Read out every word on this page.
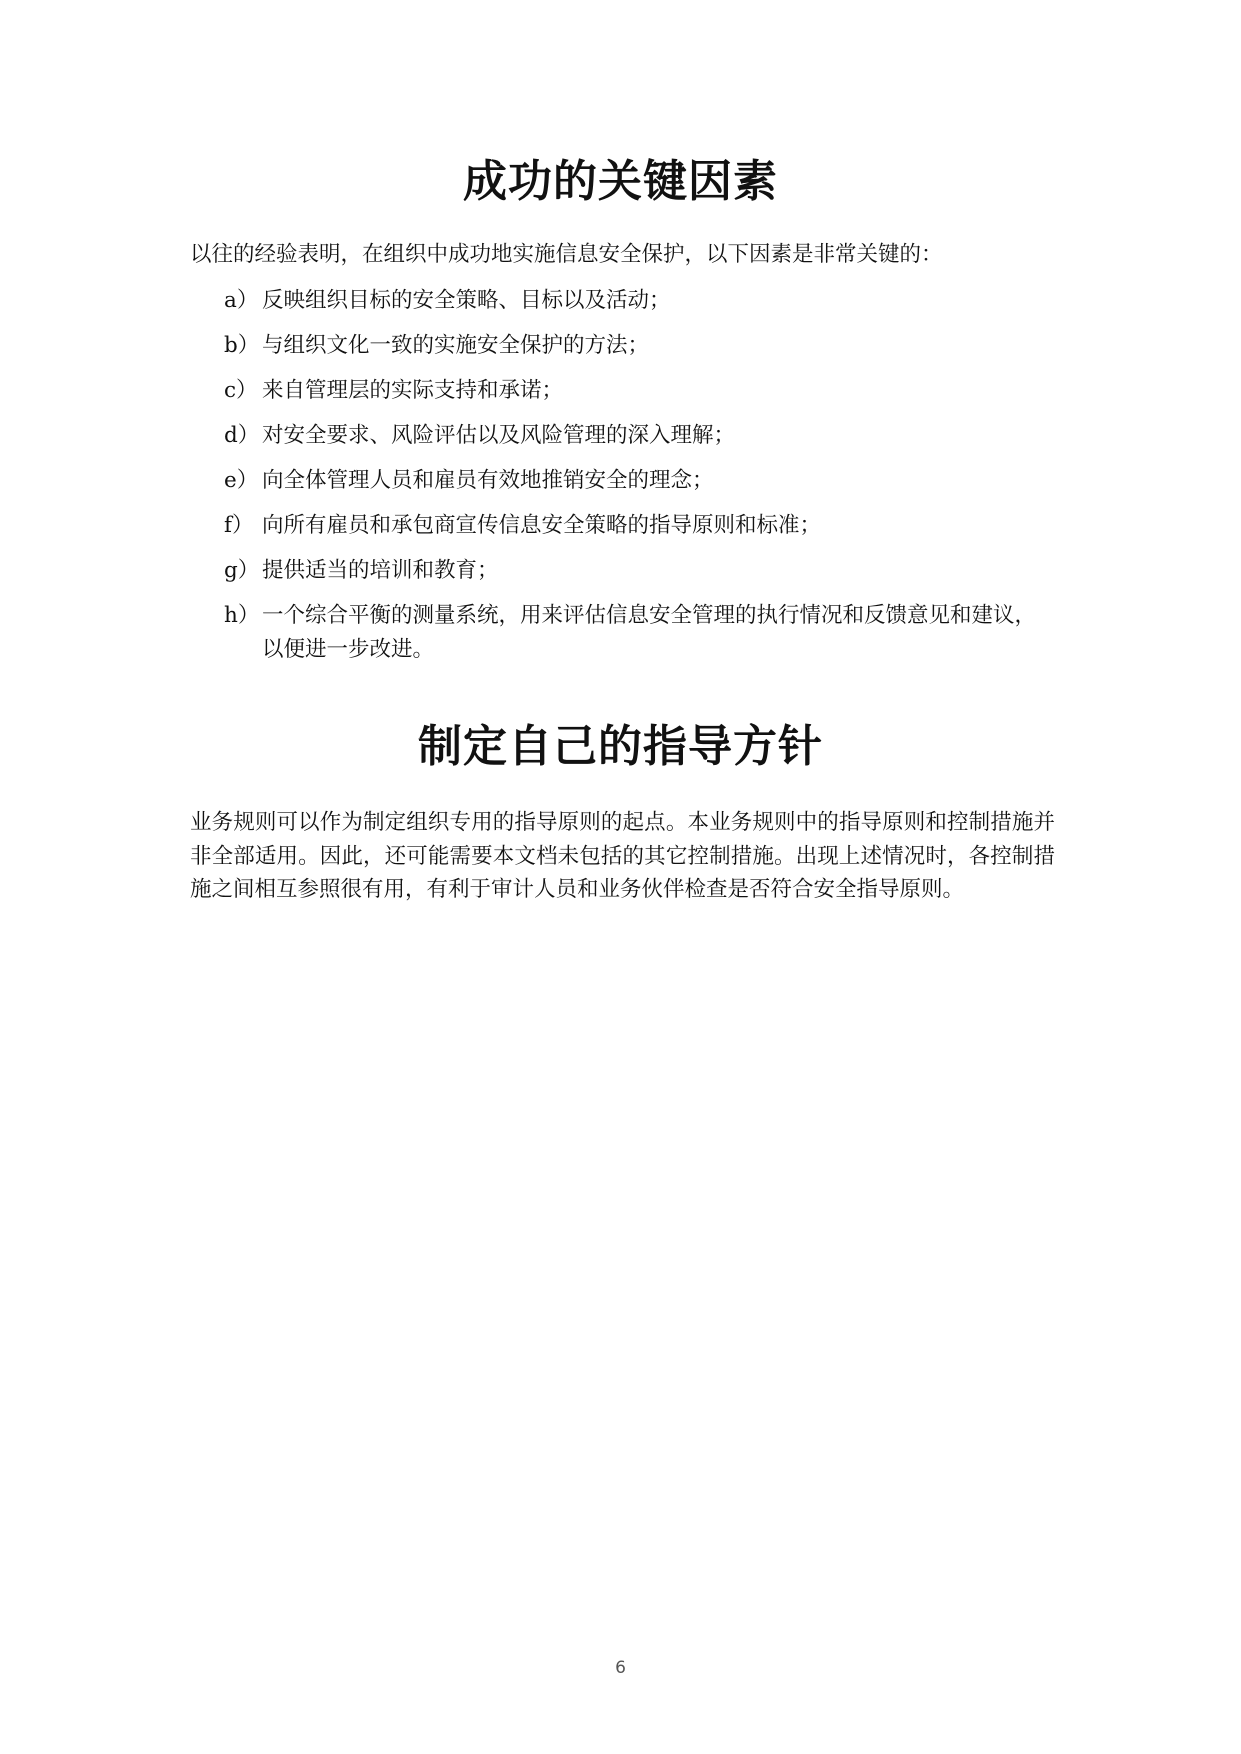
成功的关键因素

以往的经验表明，在组织中成功地实施信息安全保护，以下因素是非常关键的：

a） 反映组织目标的安全策略、目标以及活动；
b） 与组织文化一致的实施安全保护的方法；
c） 来自管理层的实际支持和承诺；
d） 对安全要求、风险评估以及风险管理的深入理解；
e） 向全体管理人员和雇员有效地推销安全的理念；
f） 向所有雇员和承包商宣传信息安全策略的指导原则和标准；
g） 提供适当的培训和教育；
h） 一个综合平衡的测量系统，用来评估信息安全管理的执行情况和反馈意见和建议，以便进一步改进。
制定自己的指导方针

业务规则可以作为制定组织专用的指导原则的起点。本业务规则中的指导原则和控制措施并非全部适用。因此，还可能需要本文档未包括的其它控制措施。出现上述情况时，各控制措施之间相互参照很有用，有利于审计人员和业务伙伴检查是否符合安全指导原则。

6
